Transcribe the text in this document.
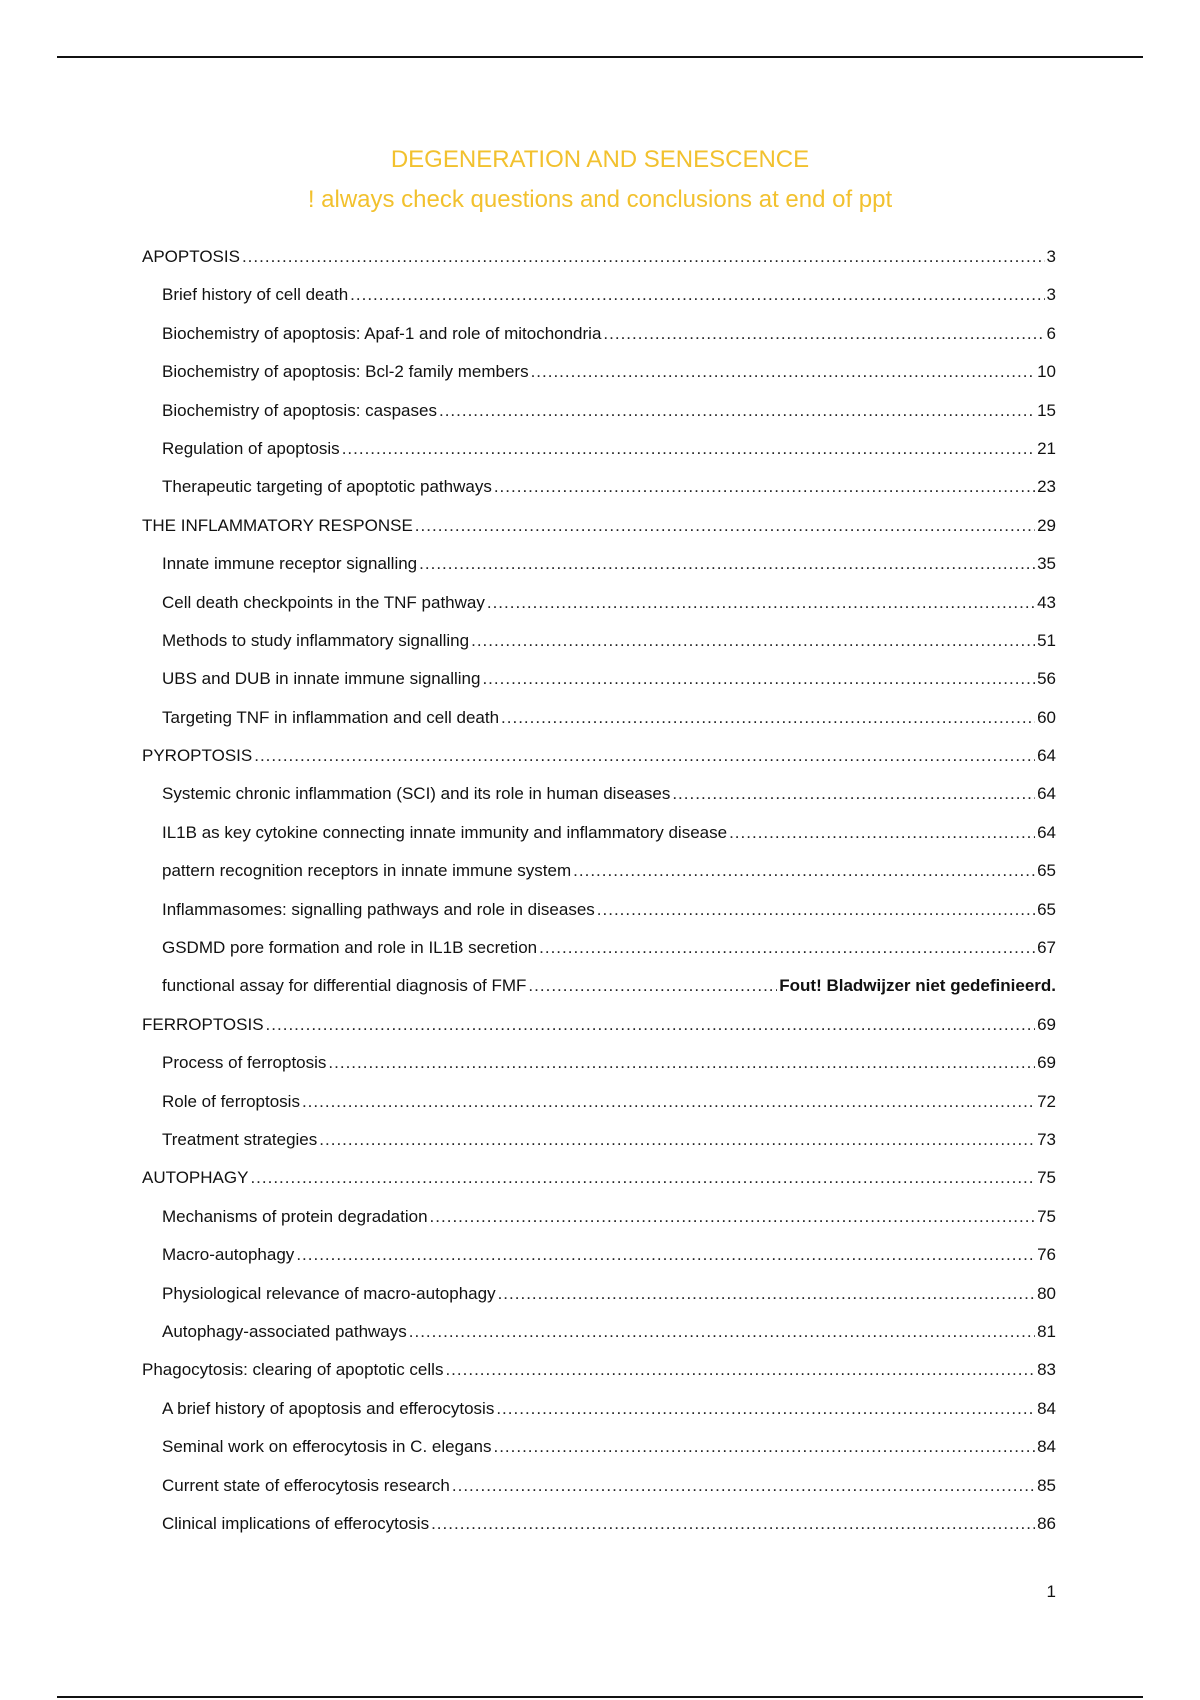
DEGENERATION AND SENESCENCE
! always check questions and conclusions at end of ppt
APOPTOSIS .....	3
Brief history of cell death .....	3
Biochemistry of apoptosis: Apaf-1 and role of mitochondria .....	6
Biochemistry of apoptosis: Bcl-2 family members .....	10
Biochemistry of apoptosis: caspases .....	15
Regulation of apoptosis .....	21
Therapeutic targeting of apoptotic pathways .....	23
THE INFLAMMATORY RESPONSE .....	29
Innate immune receptor signalling .....	35
Cell death checkpoints in the TNF pathway .....	43
Methods to study inflammatory signalling .....	51
UBS and DUB in innate immune signalling .....	56
Targeting TNF in inflammation and cell death .....	60
PYROPTOSIS .....	64
Systemic chronic inflammation (SCI) and its role in human diseases .....	64
IL1B as key cytokine connecting innate immunity and inflammatory disease .....	64
pattern recognition receptors in innate immune system .....	65
Inflammasomes: signalling pathways and role in diseases .....	65
GSDMD pore formation and role in IL1B secretion .....	67
functional assay for differential diagnosis of FMF .....	Fout! Bladwijzer niet gedefinieerd.
FERROPTOSIS .....	69
Process of ferroptosis .....	69
Role of ferroptosis .....	72
Treatment strategies .....	73
AUTOPHAGY .....	75
Mechanisms of protein degradation .....	75
Macro-autophagy .....	76
Physiological relevance of macro-autophagy .....	80
Autophagy-associated pathways .....	81
Phagocytosis: clearing of apoptotic cells .....	83
A brief history of apoptosis and efferocytosis .....	84
Seminal work on efferocytosis in C. elegans .....	84
Current state of efferocytosis research .....	85
Clinical implications of efferocytosis .....	86
1
